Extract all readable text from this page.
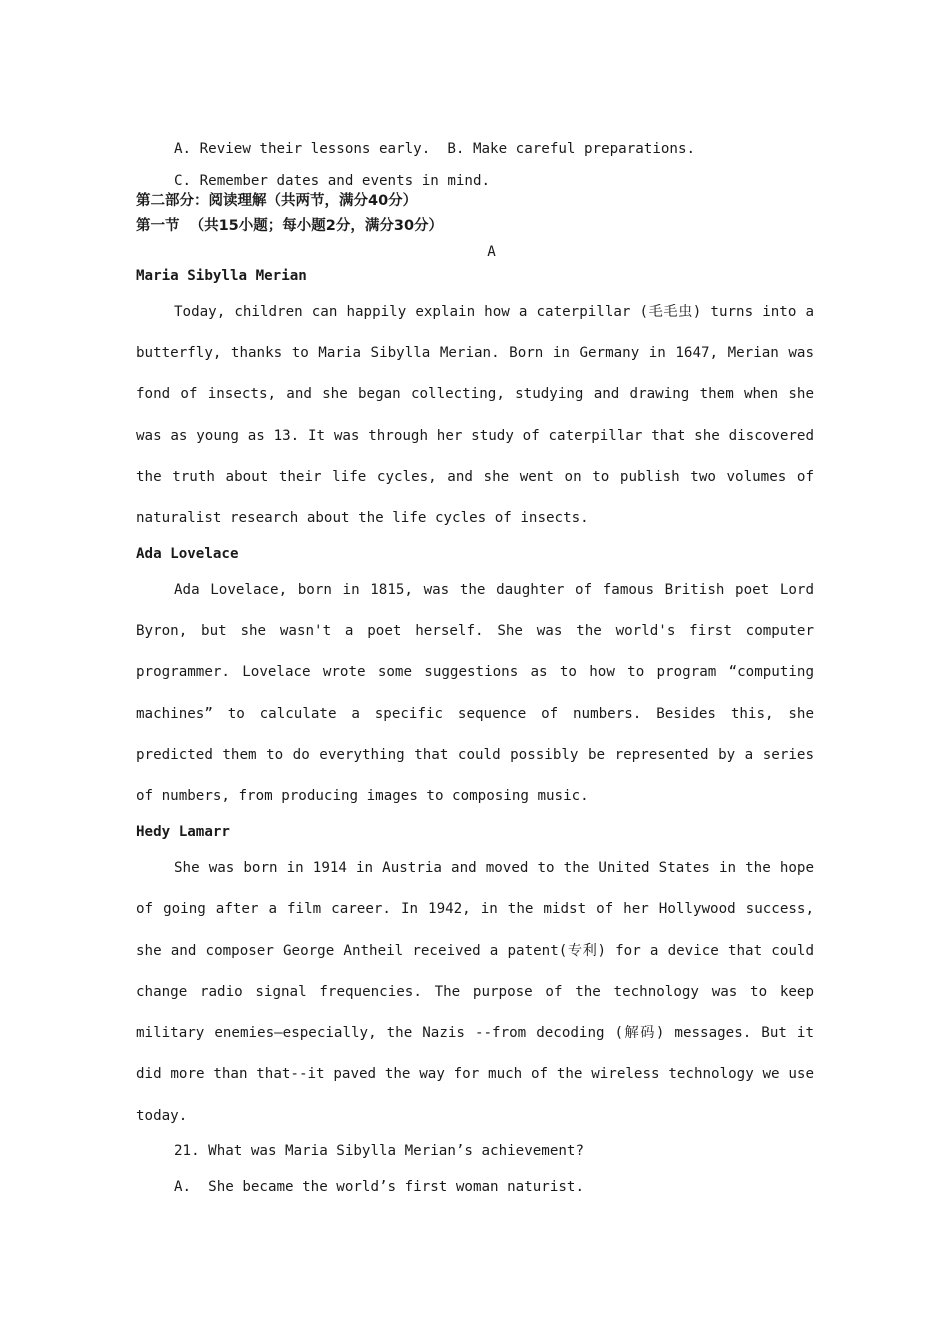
A. Review their lessons early.  B. Make careful preparations.
C. Remember dates and events in mind.
第二部分：阅读理解（共两节，满分40分）
第一节  （共15小题；每小题2分，满分30分）
A
Maria Sibylla Merian
Today, children can happily explain how a caterpillar (毛毛虫) turns into a
butterfly, thanks to Maria Sibylla Merian. Born in Germany in 1647, Merian was
fond of insects, and she began collecting, studying and drawing them when she
was as young as 13. It was through her study of caterpillar that she discovered
the truth about their life cycles, and she went on to publish two volumes of
naturalist research about the life cycles of insects.
Ada Lovelace
Ada Lovelace, born in 1815, was the daughter of famous British poet Lord
Byron, but she wasn't a poet herself. She was the world's first computer
programmer. Lovelace wrote some suggestions as to how to program “computing
machines” to calculate a specific sequence of numbers. Besides this, she
predicted them to do everything that could possibly be represented by a series
of numbers, from producing images to composing music.
Hedy Lamarr
She was born in 1914 in Austria and moved to the United States in the hope
of going after a film career. In 1942, in the midst of her Hollywood success,
she and composer George Antheil received a patent(专利) for a device that could
change radio signal frequencies. The purpose of the technology was to keep
military enemies—especially, the Nazis --from decoding (解码) messages. But it
did more than that--it paved the way for much of the wireless technology we use
today.
21. What was Maria Sibylla Merian’s achievement?
A.  She became the world’s first woman naturist.
